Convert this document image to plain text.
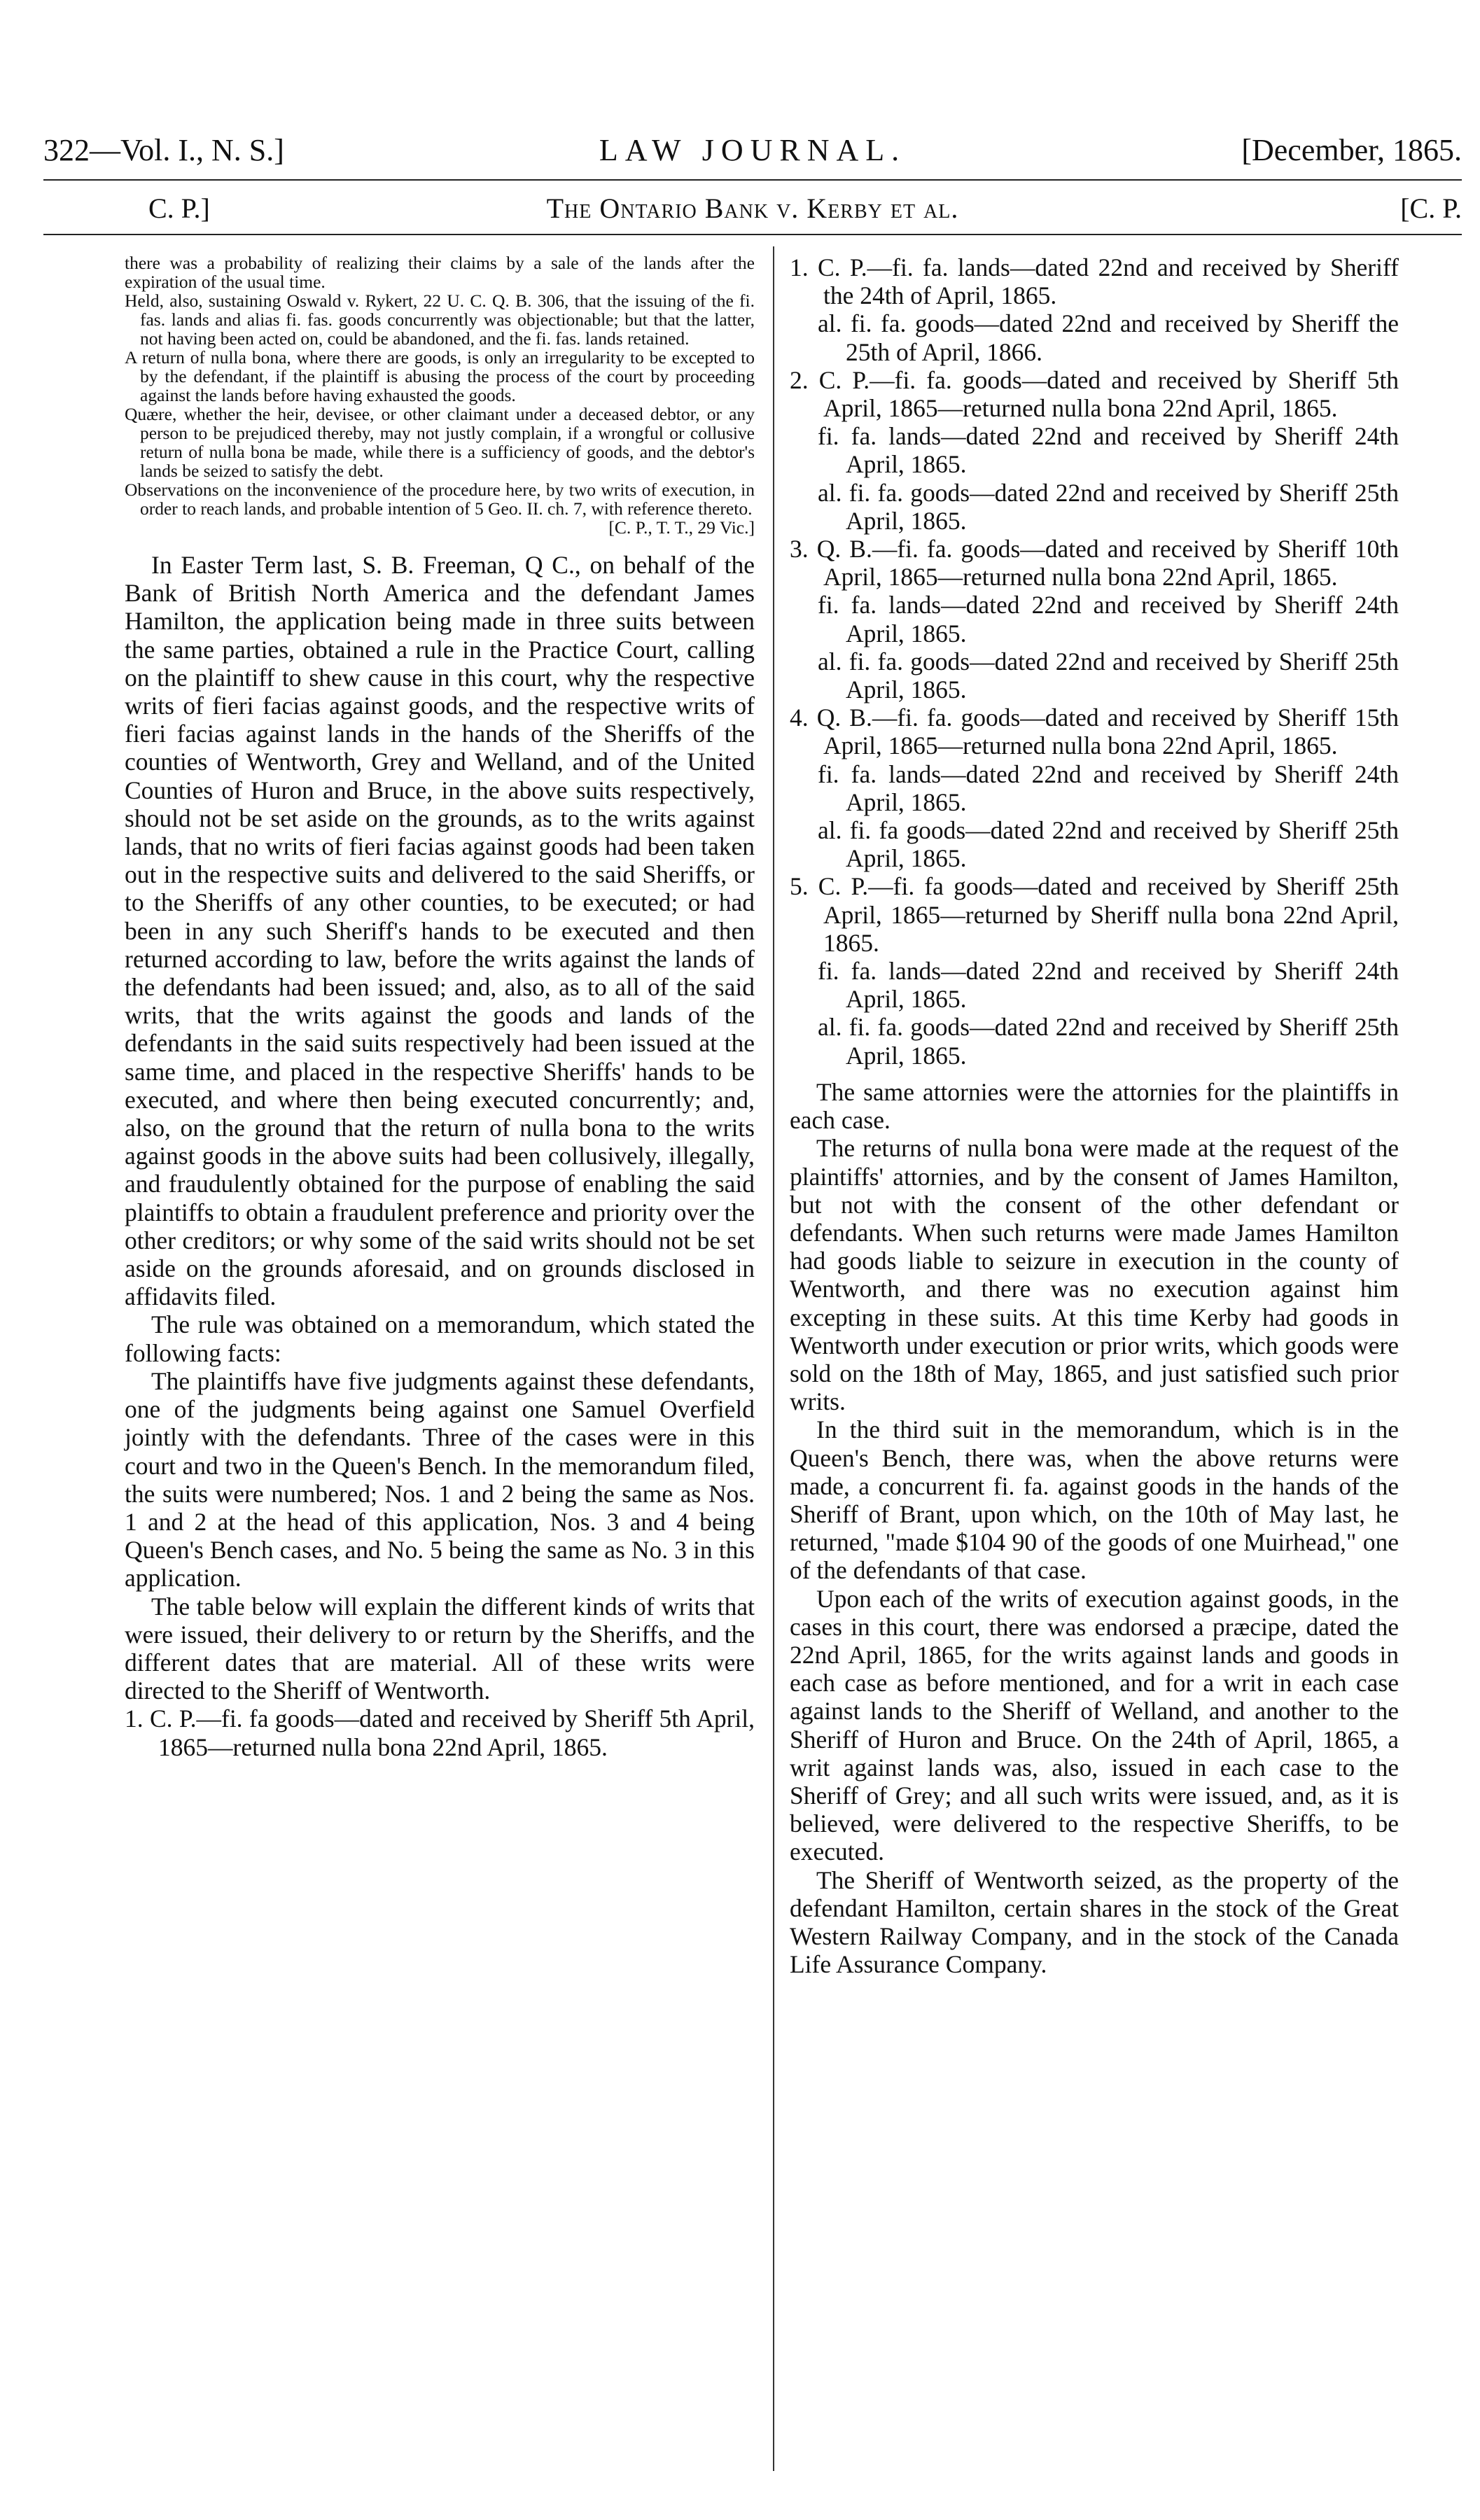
322—Vol. I., N. S.]	LAW JOURNAL.	[December, 1865.
C. P.]	The Ontario Bank v. Kerby et al.	[C. P.

there was a probability of realizing their claims by a sale of the lands after the expiration of the usual time.

Held, also, sustaining Oswald v. Rykert, 22 U. C. Q. B. 306, that the issuing of the fi. fas. lands and alias fi. fas. goods concurrently was objectionable; but that the latter, not having been acted on, could be abandoned, and the fi. fas. lands retained.

A return of nulla bona, where there are goods, is only an irregularity to be excepted to by the defendant, if the plaintiff is abusing the process of the court by proceeding against the lands before having exhausted the goods.

Quære, whether the heir, devisee, or other claimant under a deceased debtor, or any person to be prejudiced thereby, may not justly complain, if a wrongful or collusive return of nulla bona be made, while there is a sufficiency of goods, and the debtor's lands be seized to satisfy the debt.

Observations on the inconvenience of the procedure here, by two writs of execution, in order to reach lands, and probable intention of 5 Geo. II. ch. 7, with reference thereto.
[C. P., T. T., 29 Vic.]

In Easter Term last, S. B. Freeman, Q C., on behalf of the Bank of British North America and the defendant James Hamilton, the application being made in three suits between the same parties, obtained a rule in the Practice Court, calling on the plaintiff to shew cause in this court, why the respective writs of fieri facias against goods, and the respective writs of fieri facias against lands in the hands of the Sheriffs of the counties of Wentworth, Grey and Welland, and of the United Counties of Huron and Bruce, in the above suits respectively, should not be set aside on the grounds, as to the writs against lands, that no writs of fieri facias against goods had been taken out in the respective suits and delivered to the said Sheriffs, or to the Sheriffs of any other counties, to be executed; or had been in any such Sheriff's hands to be executed and then returned according to law, before the writs against the lands of the defendants had been issued; and, also, as to all of the said writs, that the writs against the goods and lands of the defendants in the said suits respectively had been issued at the same time, and placed in the respective Sheriffs' hands to be executed, and where then being executed concurrently; and, also, on the ground that the return of nulla bona to the writs against goods in the above suits had been collusively, illegally, and fraudulently obtained for the purpose of enabling the said plaintiffs to obtain a fraudulent preference and priority over the other creditors; or why some of the said writs should not be set aside on the grounds aforesaid, and on grounds disclosed in affidavits filed.

The rule was obtained on a memorandum, which stated the following facts:

The plaintiffs have five judgments against these defendants, one of the judgments being against one Samuel Overfield jointly with the defendants. Three of the cases were in this court and two in the Queen's Bench. In the memorandum filed, the suits were numbered; Nos. 1 and 2 being the same as Nos. 1 and 2 at the head of this application, Nos. 3 and 4 being Queen's Bench cases, and No. 5 being the same as No. 3 in this application.

The table below will explain the different kinds of writs that were issued, their delivery to or return by the Sheriffs, and the different dates that are material. All of these writs were directed to the Sheriff of Wentworth.

1. C. P.—fi. fa goods—dated and received by Sheriff 5th April, 1865—returned nulla bona 22nd April, 1865.
1. C. P.—fi. fa. lands—dated 22nd and received by Sheriff the 24th of April, 1865.
al. fi. fa. goods—dated 22nd and received by Sheriff the 25th of April, 1866.
2. C. P.—fi. fa. goods—dated and received by Sheriff 5th April, 1865—returned nulla bona 22nd April, 1865.
fi. fa. lands—dated 22nd and received by Sheriff 24th April, 1865.
al. fi. fa. goods—dated 22nd and received by Sheriff 25th April, 1865.
3. Q. B.—fi. fa. goods—dated and received by Sheriff 10th April, 1865—returned nulla bona 22nd April, 1865.
fi. fa. lands—dated 22nd and received by Sheriff 24th April, 1865.
al. fi. fa. goods—dated 22nd and received by Sheriff 25th April, 1865.
4. Q. B.—fi. fa. goods—dated and received by Sheriff 15th April, 1865—returned nulla bona 22nd April, 1865.
fi. fa. lands—dated 22nd and received by Sheriff 24th April, 1865.
al. fi. fa goods—dated 22nd and received by Sheriff 25th April, 1865.
5. C. P.—fi. fa goods—dated and received by Sheriff 25th April, 1865—returned by Sheriff nulla bona 22nd April, 1865.
fi. fa. lands—dated 22nd and received by Sheriff 24th April, 1865.
al. fi. fa. goods—dated 22nd and received by Sheriff 25th April, 1865.

The same attornies were the attornies for the plaintiffs in each case.

The returns of nulla bona were made at the request of the plaintiffs' attornies, and by the consent of James Hamilton, but not with the consent of the other defendant or defendants. When such returns were made James Hamilton had goods liable to seizure in execution in the county of Wentworth, and there was no execution against him excepting in these suits. At this time Kerby had goods in Wentworth under execution or prior writs, which goods were sold on the 18th of May, 1865, and just satisfied such prior writs.

In the third suit in the memorandum, which is in the Queen's Bench, there was, when the above returns were made, a concurrent fi. fa. against goods in the hands of the Sheriff of Brant, upon which, on the 10th of May last, he returned, "made $104 90 of the goods of one Muirhead," one of the defendants of that case.

Upon each of the writs of execution against goods, in the cases in this court, there was endorsed a præcipe, dated the 22nd April, 1865, for the writs against lands and goods in each case as before mentioned, and for a writ in each case against lands to the Sheriff of Welland, and another to the Sheriff of Huron and Bruce. On the 24th of April, 1865, a writ against lands was, also, issued in each case to the Sheriff of Grey; and all such writs were issued, and, as it is believed, were delivered to the respective Sheriffs, to be executed.

The Sheriff of Wentworth seized, as the property of the defendant Hamilton, certain shares in the stock of the Great Western Railway Company, and in the stock of the Canada Life Assurance Company.
